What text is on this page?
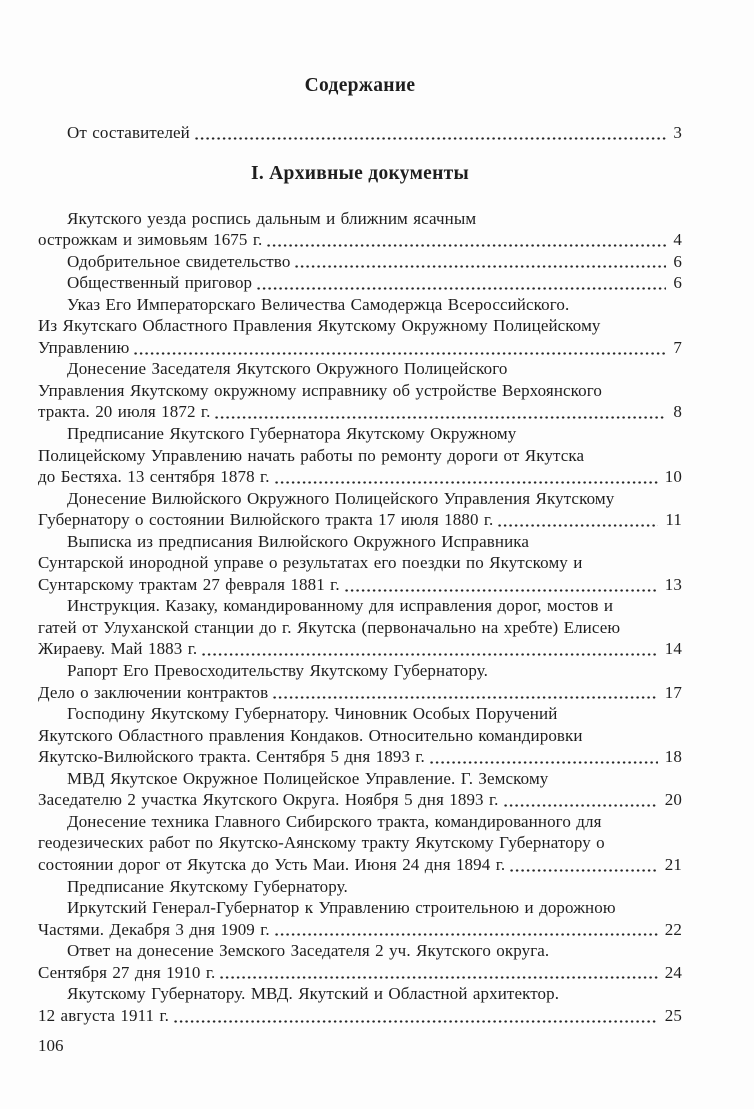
Содержание
От составителей	3
I. Архивные документы
Якутского уезда роспись дальным и ближним ясачным
острожкам и зимовьям 1675 г.	4
Одобрительное свидетельство	6
Общественный приговор	6
Указ Его Императорскаго Величества Самодержца Всероссийского.
Из Якутскаго Областного Правления Якутскому Окружному Полицейскому
Управлению	7
Донесение Заседателя Якутского Окружного Полицейского
Управления Якутскому окружному исправнику об устройстве Верхоянского
тракта. 20 июля 1872 г.	8
Предписание Якутского Губернатора Якутскому Окружному
Полицейскому Управлению начать работы по ремонту дороги от Якутска
до Бестяха. 13 сентября 1878 г.	10
Донесение Вилюйского Окружного Полицейского Управления Якутскому
Губернатору о состоянии Вилюйского тракта 17 июля 1880 г.	11
Выписка из предписания Вилюйского Окружного Исправника
Сунтарской инородной управе о результатах его поездки по Якутскому и
Сунтарскому трактам 27 февраля 1881 г.	13
Инструкция. Казаку, командированному для исправления дорог, мостов и
гатей от Улуханской станции до г. Якутска (первоначально на хребте) Елисею
Жираеву. Май 1883 г.	14
Рапорт Его Превосходительству Якутскому Губернатору.
Дело о заключении контрактов	17
Господину Якутскому Губернатору. Чиновник Особых Поручений
Якутского Областного правления Кондаков. Относительно командировки
Якутско-Вилюйского тракта. Сентября 5 дня 1893 г.	18
МВД Якутское Окружное Полицейское Управление. Г. Земскому
Заседателю 2 участка Якутского Округа. Ноября 5 дня 1893 г.	20
Донесение техника Главного Сибирского тракта, командированного для
геодезических работ по Якутско-Аянскому тракту Якутскому Губернатору о
состоянии дорог от Якутска до Усть Маи. Июня 24 дня 1894 г.	21
Предписание Якутскому Губернатору.
Иркутский Генерал-Губернатор к Управлению строительною и дорожною
Частями. Декабря 3 дня 1909 г.	22
Ответ на донесение Земского Заседателя 2 уч. Якутского округа.
Сентября 27 дня 1910 г.	24
Якутскому Губернатору. МВД. Якутский и Областной архитектор.
12 августа 1911 г.	25
106
